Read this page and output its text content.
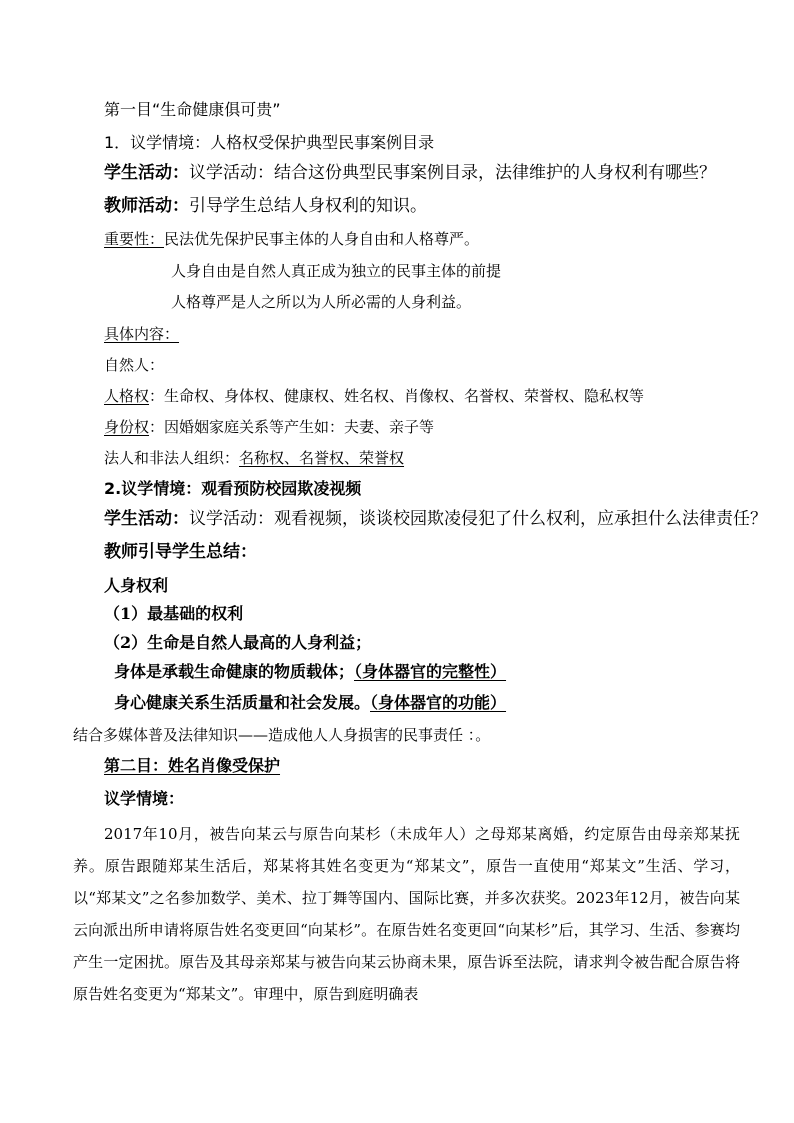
第一目“生命健康俱可贵”
1．议学情境：人格权受保护典型民事案例目录
学生活动：议学活动：结合这份典型民事案例目录，法律维护的人身权利有哪些？
教师活动：引导学生总结人身权利的知识。
重要性：民法优先保护民事主体的人身自由和人格尊严。
人身自由是自然人真正成为独立的民事主体的前提
人格尊严是人之所以为人所必需的人身利益。
具体内容：
自然人：
人格权：生命权、身体权、健康权、姓名权、肖像权、名誉权、荣誉权、隐私权等
身份权：因婚姻家庭关系等产生如：夫妻、亲子等
法人和非法人组织：名称权、名誉权、荣誉权
2.议学情境：观看预防校园欺凌视频
学生活动：议学活动：观看视频，谈谈校园欺凌侵犯了什么权利，应承担什么法律责任？
教师引导学生总结：
人身权利
（1）最基础的权利
（2）生命是自然人最高的人身利益；
身体是承载生命健康的物质载体；（身体器官的完整性）
身心健康关系生活质量和社会发展。（身体器官的功能）
结合多媒体普及法律知识——造成他人人身损害的民事责任 ：。
第二目：姓名肖像受保护
议学情境：
2017年10月，被告向某云与原告向某杉（未成年人）之母郑某离婚，约定原告由母亲郑某抚养。原告跟随郑某生活后，郑某将其姓名变更为“郑某文”，原告一直使用“郑某文”生活、学习，以“郑某文”之名参加数学、美术、拉丁舞等国内、国际比赛，并多次获奖。2023年12月，被告向某云向派出所申请将原告姓名变更回“向某杉”。在原告姓名变更回“向某杉”后，其学习、生活、参赛均产生一定困扰。原告及其母亲郑某与被告向某云协商未果，原告诉至法院，请求判令被告配合原告将原告姓名变更为“郑某文”。审理中，原告到庭明确表
